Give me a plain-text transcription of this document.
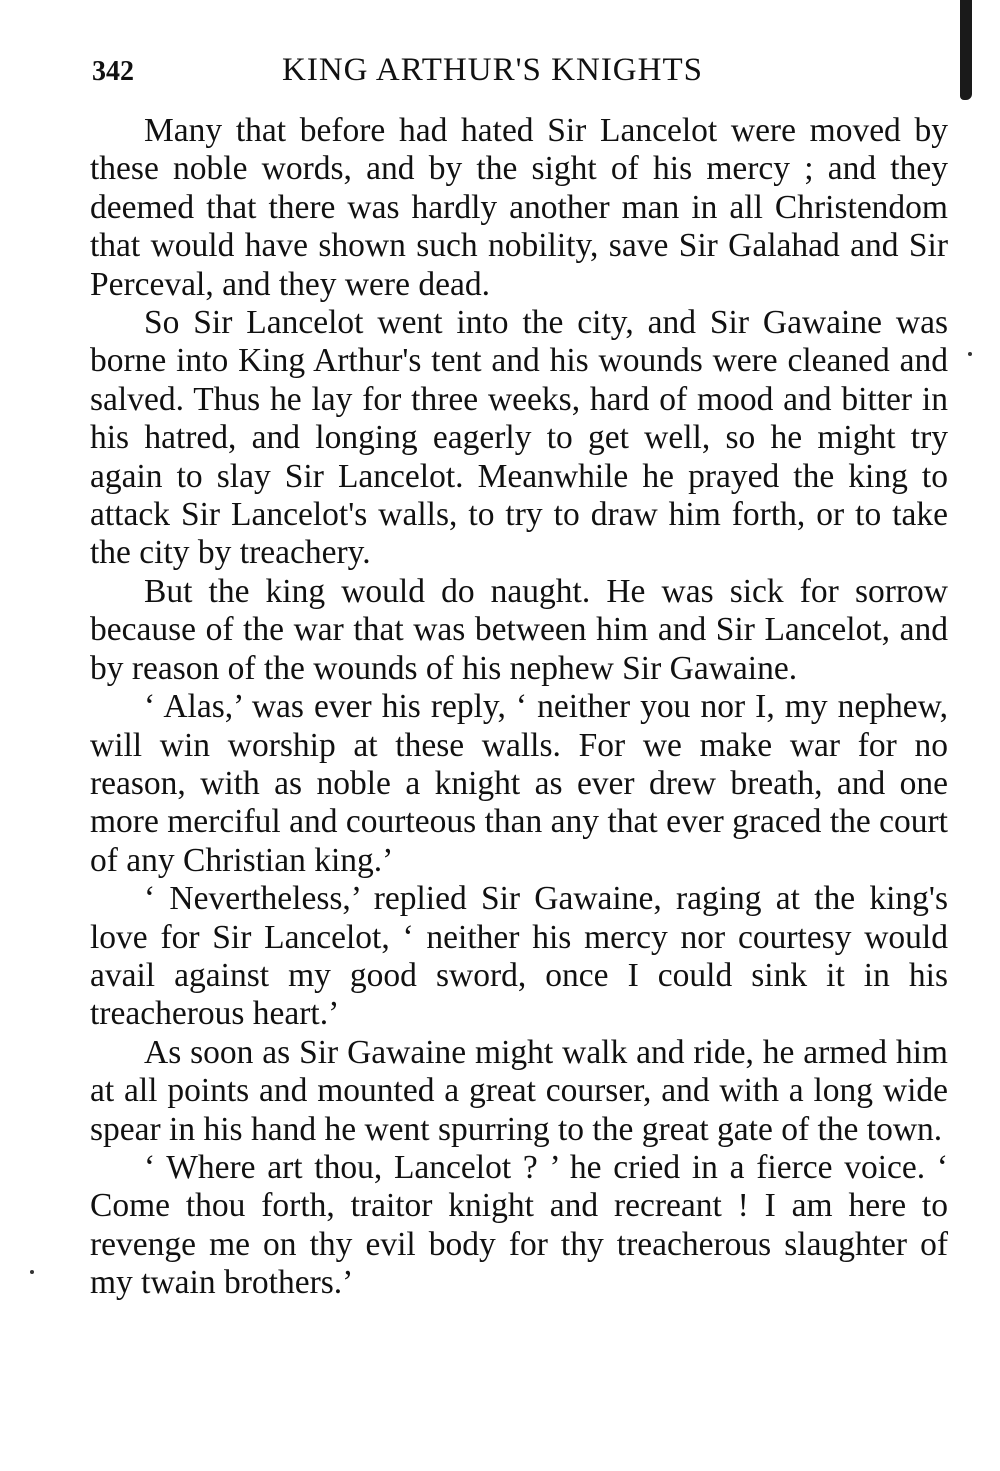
342	KING ARTHUR'S KNIGHTS

Many that before had hated Sir Lancelot were moved by these noble words, and by the sight of his mercy ; and they deemed that there was hardly another man in all Christendom that would have shown such nobility, save Sir Galahad and Sir Perceval, and they were dead.

So Sir Lancelot went into the city, and Sir Gawaine was borne into King Arthur's tent and his wounds were cleaned and salved. Thus he lay for three weeks, hard of mood and bitter in his hatred, and longing eagerly to get well, so he might try again to slay Sir Lancelot. Meanwhile he prayed the king to attack Sir Lancelot's walls, to try to draw him forth, or to take the city by treachery.

But the king would do naught. He was sick for sorrow because of the war that was between him and Sir Lancelot, and by reason of the wounds of his nephew Sir Gawaine.

‘ Alas,’ was ever his reply, ‘ neither you nor I, my nephew, will win worship at these walls. For we make war for no reason, with as noble a knight as ever drew breath, and one more merciful and courteous than any that ever graced the court of any Christian king.’

‘ Nevertheless,’ replied Sir Gawaine, raging at the king's love for Sir Lancelot, ‘ neither his mercy nor courtesy would avail against my good sword, once I could sink it in his treacherous heart.’

As soon as Sir Gawaine might walk and ride, he armed him at all points and mounted a great courser, and with a long wide spear in his hand he went spurring to the great gate of the town.

‘ Where art thou, Lancelot ? ’ he cried in a fierce voice. ‘ Come thou forth, traitor knight and recreant ! I am here to revenge me on thy evil body for thy treacherous slaughter of my twain brothers.’
